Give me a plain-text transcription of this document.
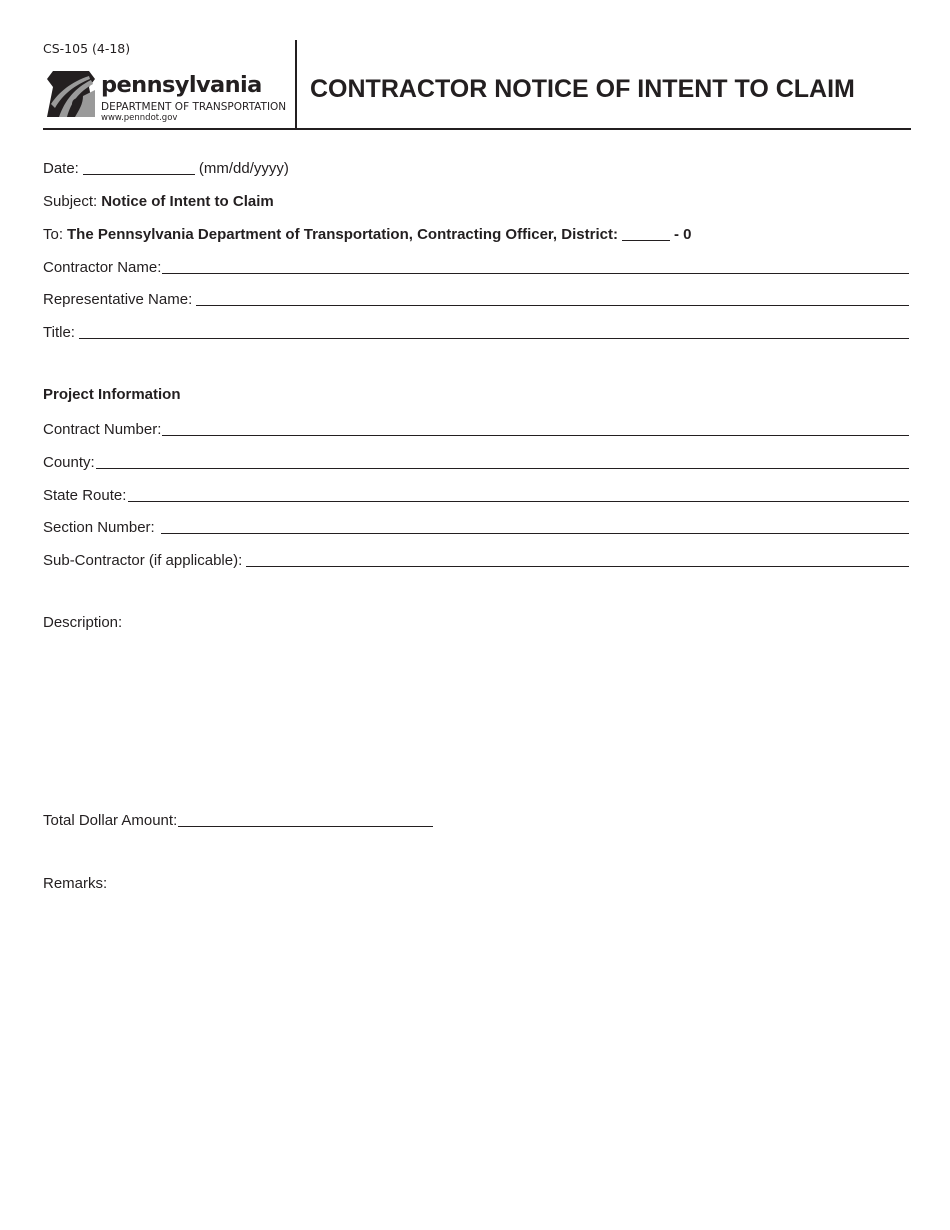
CS-105 (4-18)
pennsylvania
DEPARTMENT OF TRANSPORTATION
www.penndot.gov
CONTRACTOR NOTICE OF INTENT TO CLAIM
Date:	(mm/dd/yyyy)
Subject: Notice of Intent to Claim
To: The Pennsylvania Department of Transportation, Contracting Officer, District:	- 0
Contractor Name:
Representative Name:
Title:
Project Information
Contract Number:
County:
State Route:
Section Number:
Sub-Contractor (if applicable):
Description:
Total Dollar Amount:
Remarks:
